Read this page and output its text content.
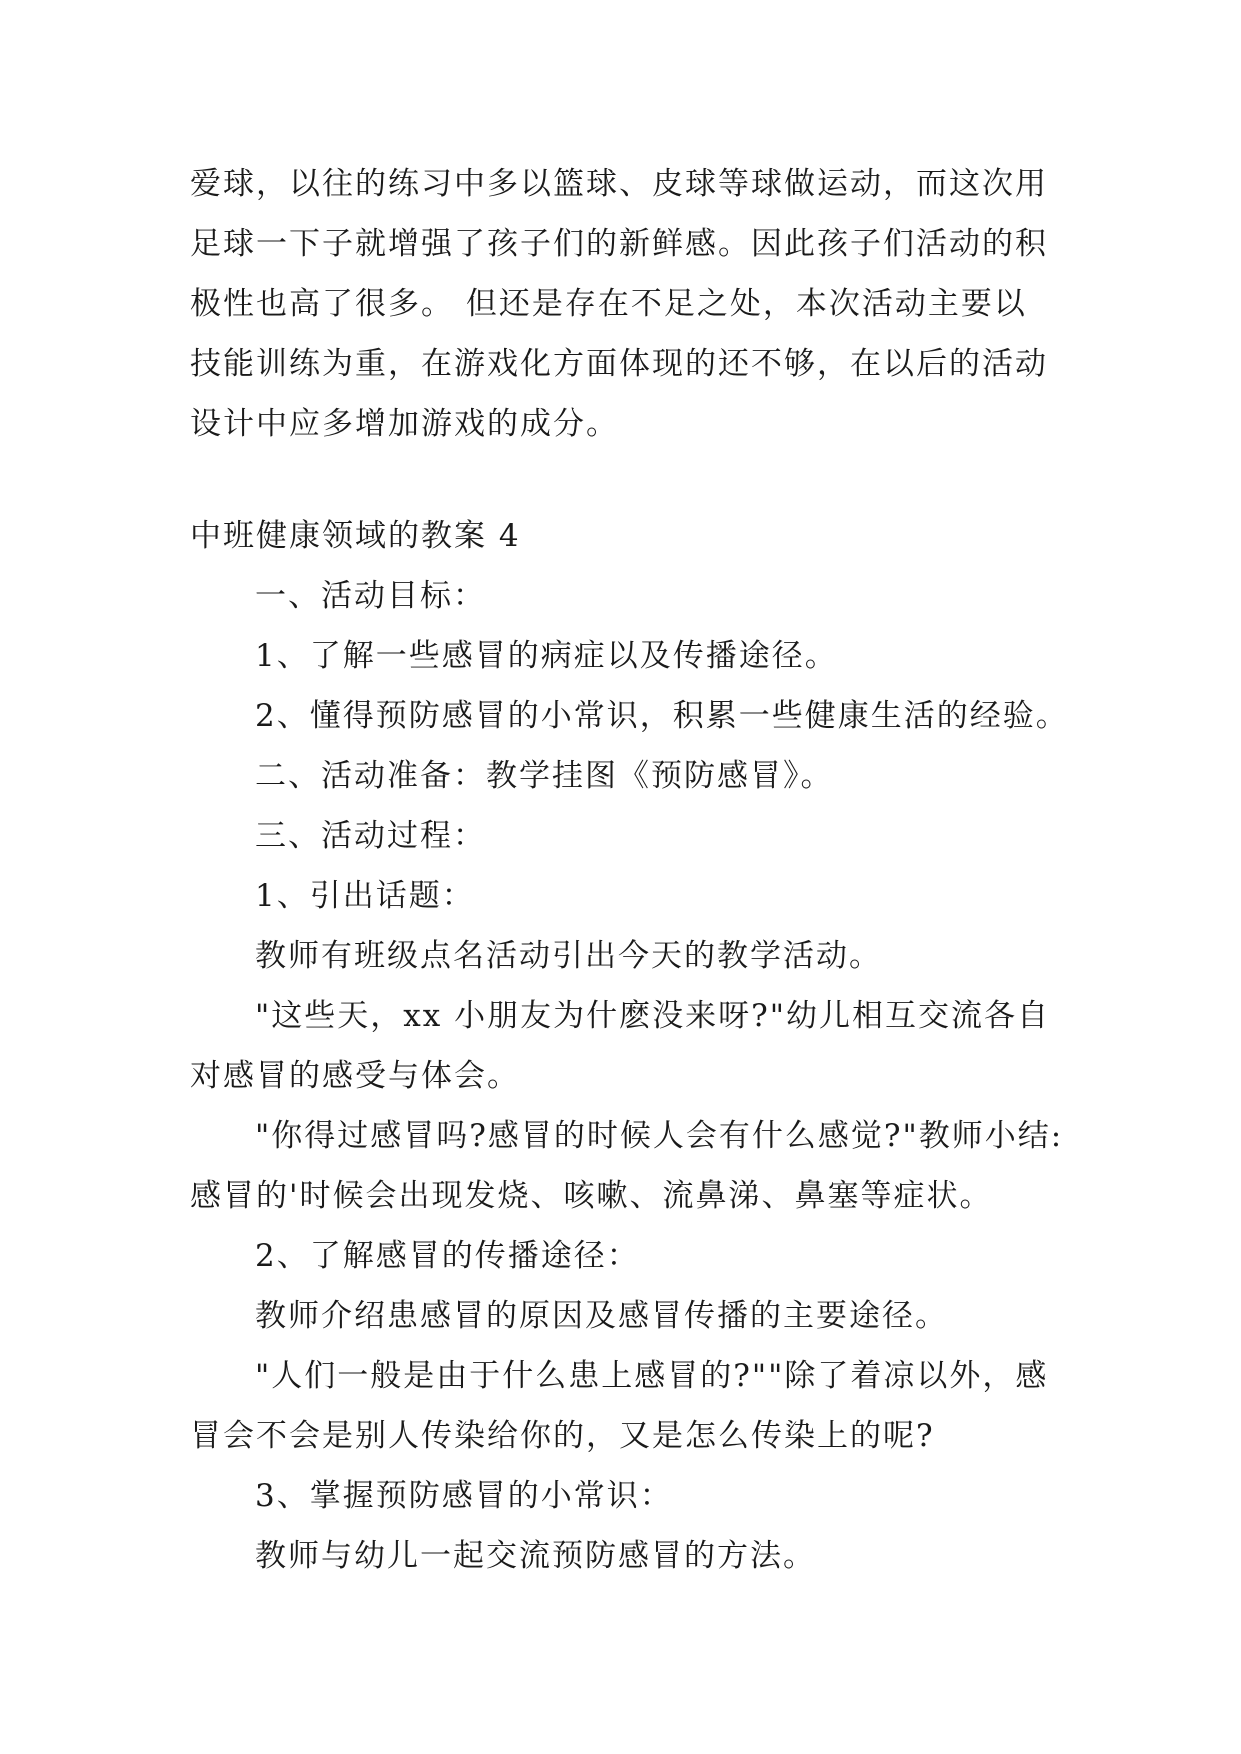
爱球，以往的练习中多以篮球、皮球等球做运动，而这次用
足球一下子就增强了孩子们的新鲜感。因此孩子们活动的积
极性也高了很多。 但还是存在不足之处，本次活动主要以
技能训练为重，在游戏化方面体现的还不够，在以后的活动
设计中应多增加游戏的成分。
中班健康领域的教案 4
一、活动目标：
1、了解一些感冒的病症以及传播途径。
2、懂得预防感冒的小常识，积累一些健康生活的经验。
二、活动准备：教学挂图《预防感冒》。
三、活动过程：
1、引出话题：
教师有班级点名活动引出今天的教学活动。
"这些天，xx 小朋友为什麽没来呀?"幼儿相互交流各自
对感冒的感受与体会。
"你得过感冒吗?感冒的时候人会有什么感觉?"教师小结:
感冒的'时候会出现发烧、咳嗽、流鼻涕、鼻塞等症状。
2、了解感冒的传播途径：
教师介绍患感冒的原因及感冒传播的主要途径。
"人们一般是由于什么患上感冒的?""除了着凉以外，感
冒会不会是别人传染给你的，又是怎么传染上的呢?
3、掌握预防感冒的小常识：
教师与幼儿一起交流预防感冒的方法。
